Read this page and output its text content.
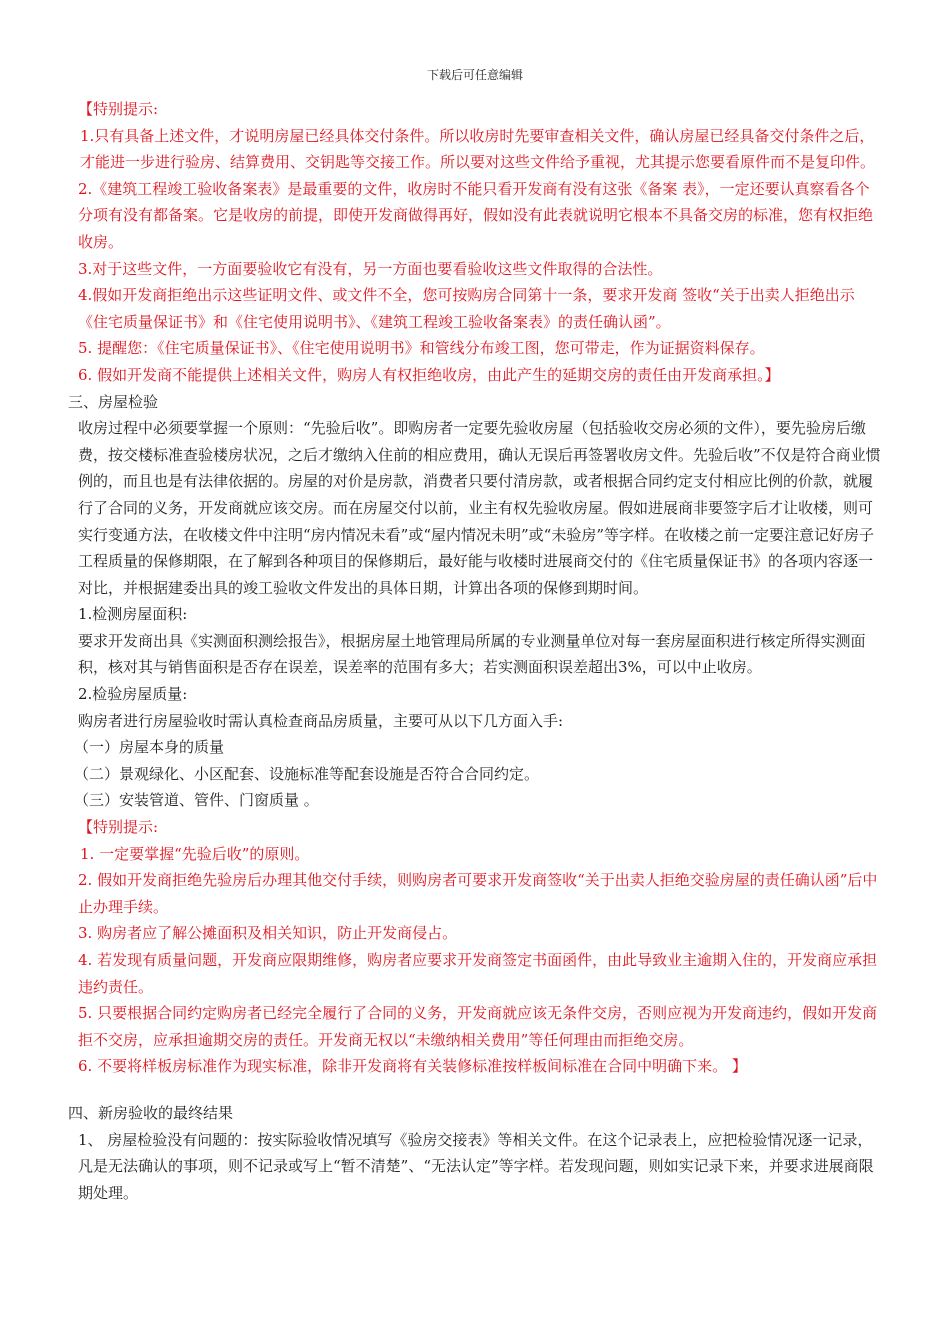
下载后可任意编辑

【特别提示:

1.只有具备上述文件，才说明房屋已经具体交付条件。所以收房时先要审查相关文件，确认房屋已经具备交付条件之后，才能进一步进行验房、结算费用、交钥匙等交接工作。所以要对这些文件给予重视，尤其提示您要看原件而不是复印件。

2.《建筑工程竣工验收备案表》是最重要的文件，收房时不能只看开发商有没有这张《备案 表》，一定还要认真察看各个分项有没有都备案。它是收房的前提，即使开发商做得再好，假如没有此表就说明它根本不具备交房的标准，您有权拒绝收房。

3.对于这些文件，一方面要验收它有没有，另一方面也要看验收这些文件取得的合法性。

4.假如开发商拒绝出示这些证明文件、或文件不全，您可按购房合同第十一条，要求开发商 签收“关于出卖人拒绝出示《住宅质量保证书》和《住宅使用说明书》、《建筑工程竣工验收备案表》的责任确认函”。

5. 提醒您：《住宅质量保证书》、《住宅使用说明书》和管线分布竣工图，您可带走，作为证据资料保存。

6. 假如开发商不能提供上述相关文件，购房人有权拒绝收房，由此产生的延期交房的责任由开发商承担。】

三、房屋检验

收房过程中必须要掌握一个原则：“先验后收”。即购房者一定要先验收房屋（包括验收交房必须的文件），要先验房后缴费，按交楼标准查验楼房状况，之后才缴纳入住前的相应费用，确认无误后再签署收房文件。先验后收”不仅是符合商业惯例的，而且也是有法律依据的。房屋的对价是房款，消费者只要付清房款，或者根据合同约定支付相应比例的价款，就履行了合同的义务，开发商就应该交房。而在房屋交付以前，业主有权先验收房屋。假如进展商非要签字后才让收楼，则可实行变通方法，在收楼文件中注明“房内情况未看”或“屋内情况未明”或“未验房”等字样。在收楼之前一定要注意记好房子工程质量的保修期限，在了解到各种项目的保修期后，最好能与收楼时进展商交付的《住宅质量保证书》的各项内容逐一对比，并根据建委出具的竣工验收文件发出的具体日期，计算出各项的保修到期时间。

1.检测房屋面积:

要求开发商出具《实测面积测绘报告》，根据房屋土地管理局所属的专业测量单位对每一套房屋面积进行核定所得实测面积，核对其与销售面积是否存在误差，误差率的范围有多大；若实测面积误差超出3%，可以中止收房。

2.检验房屋质量:

购房者进行房屋验收时需认真检查商品房质量，主要可从以下几方面入手:

（一）房屋本身的质量

（二）景观绿化、小区配套、设施标准等配套设施是否符合合同约定。

（三）安装管道、管件、门窗质量 。

【特别提示:

1. 一定要掌握“先验后收”的原则。

2. 假如开发商拒绝先验房后办理其他交付手续，则购房者可要求开发商签收“关于出卖人拒绝交验房屋的责任确认函”后中止办理手续。

3. 购房者应了解公摊面积及相关知识，防止开发商侵占。

4. 若发现有质量问题，开发商应限期维修，购房者应要求开发商签定书面函件，由此导致业主逾期入住的，开发商应承担违约责任。

5. 只要根据合同约定购房者已经完全履行了合同的义务，开发商就应该无条件交房，否则应视为开发商违约，假如开发商拒不交房，应承担逾期交房的责任。开发商无权以“未缴纳相关费用”等任何理由而拒绝交房。

6. 不要将样板房标准作为现实标准，除非开发商将有关装修标准按样板间标准在合同中明确下来。 】

四、新房验收的最终结果

1、 房屋检验没有问题的：按实际验收情况填写《验房交接表》等相关文件。在这个记录表上，应把检验情况逐一记录，凡是无法确认的事项，则不记录或写上“暂不清楚”、“无法认定”等字样。若发现问题，则如实记录下来，并要求进展商限期处理。
